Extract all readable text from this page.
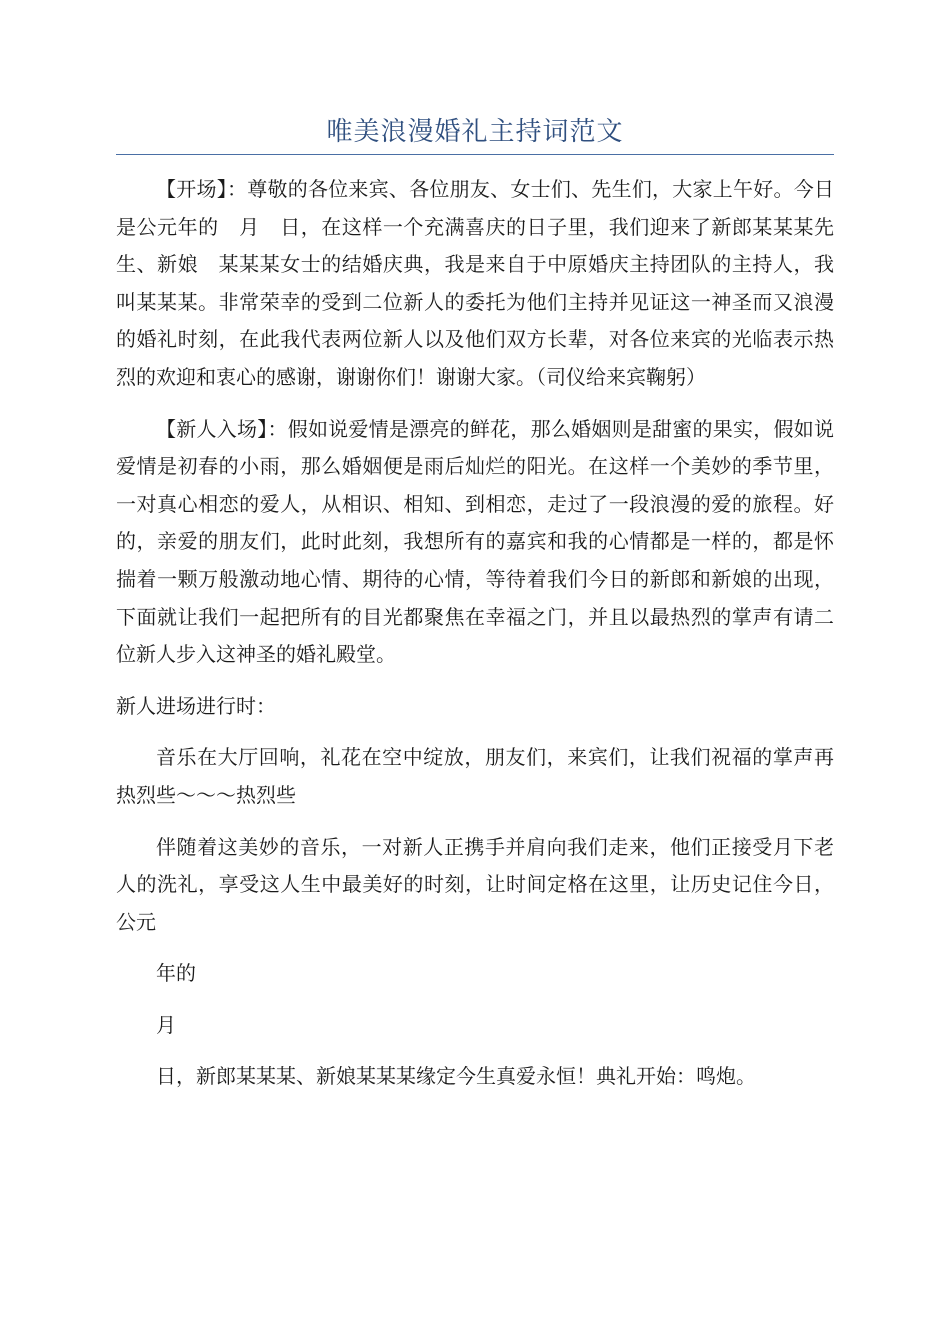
唯美浪漫婚礼主持词范文

【开场】：尊敬的各位来宾、各位朋友、女士们、先生们，大家上午好。今日是公元年的　月　日，在这样一个充满喜庆的日子里，我们迎来了新郎某某某先生、新娘　某某某女士的结婚庆典，我是来自于中原婚庆主持团队的主持人，我叫某某某。非常荣幸的受到二位新人的委托为他们主持并见证这一神圣而又浪漫的婚礼时刻，在此我代表两位新人以及他们双方长辈，对各位来宾的光临表示热烈的欢迎和衷心的感谢，谢谢你们！谢谢大家。（司仪给来宾鞠躬）

【新人入场】：假如说爱情是漂亮的鲜花，那么婚姻则是甜蜜的果实，假如说爱情是初春的小雨，那么婚姻便是雨后灿烂的阳光。在这样一个美妙的季节里，一对真心相恋的爱人，从相识、相知、到相恋，走过了一段浪漫的爱的旅程。好的，亲爱的朋友们，此时此刻，我想所有的嘉宾和我的心情都是一样的，都是怀揣着一颗万般激动地心情、期待的心情，等待着我们今日的新郎和新娘的出现，下面就让我们一起把所有的目光都聚焦在幸福之门，并且以最热烈的掌声有请二位新人步入这神圣的婚礼殿堂。

新人进场进行时：

音乐在大厅回响，礼花在空中绽放，朋友们，来宾们，让我们祝福的掌声再热烈些～～～热烈些

伴随着这美妙的音乐，一对新人正携手并肩向我们走来，他们正接受月下老人的洗礼，享受这人生中最美好的时刻，让时间定格在这里，让历史记住今日，公元

年的

月

日，新郎某某某、新娘某某某缘定今生真爱永恒！典礼开始：鸣炮。
